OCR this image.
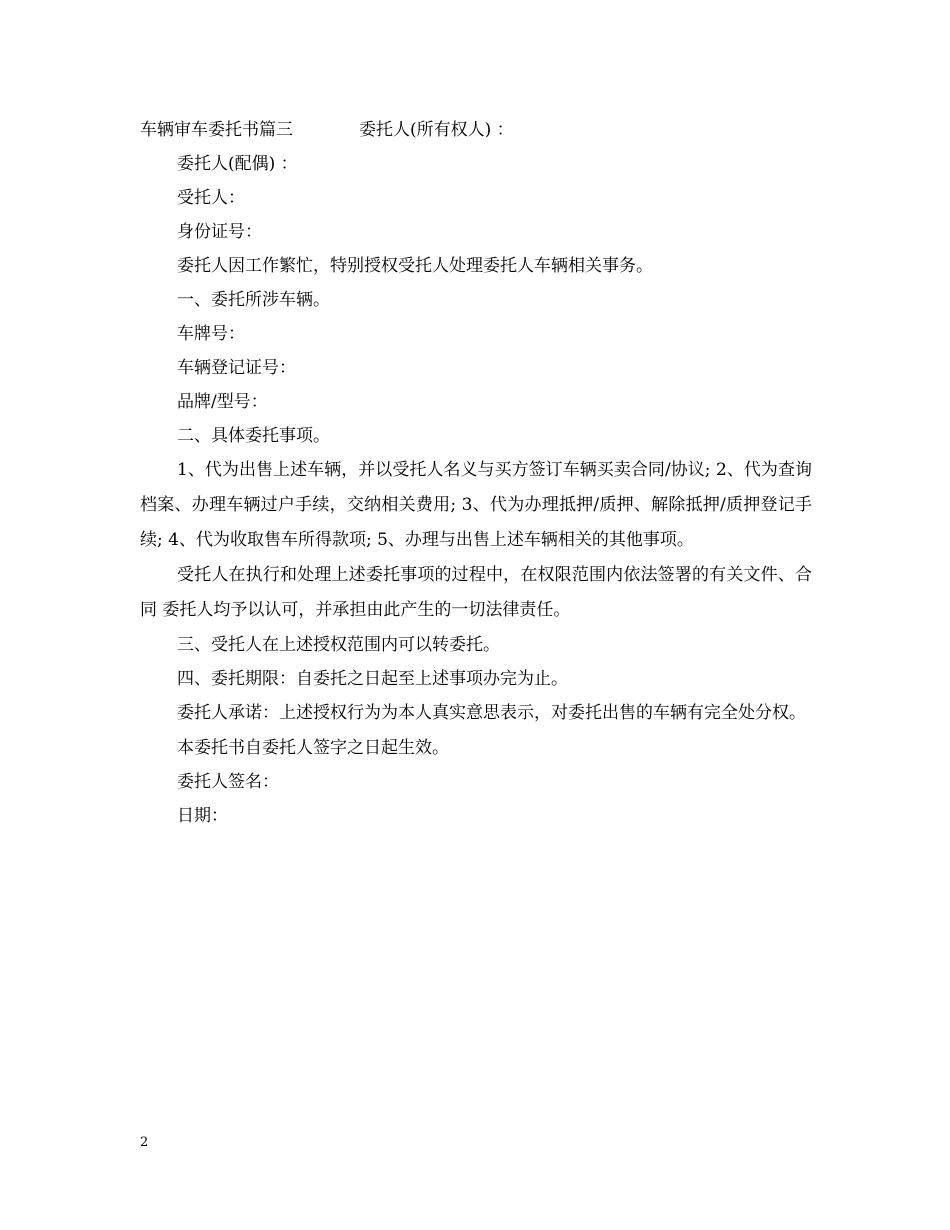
车辆审车委托书篇三	委托人(所有权人) ：

委托人(配偶) ：

受托人：

身份证号：

委托人因工作繁忙，特别授权受托人处理委托人车辆相关事务。

一、委托所涉车辆。

车牌号：

车辆登记证号：

品牌/型号：

二、具体委托事项。

1、代为出售上述车辆，并以受托人名义与买方签订车辆买卖合同/协议; 2、代为查询档案、办理车辆过户手续，交纳相关费用; 3、代为办理抵押/质押、解除抵押/质押登记手续; 4、代为收取售车所得款项; 5、办理与出售上述车辆相关的其他事项。

受托人在执行和处理上述委托事项的过程中，在权限范围内依法签署的有关文件、合同 委托人均予以认可，并承担由此产生的一切法律责任。

三、受托人在上述授权范围内可以转委托。

四、委托期限：自委托之日起至上述事项办完为止。

委托人承诺：上述授权行为为本人真实意思表示，对委托出售的车辆有完全处分权。

本委托书自委托人签字之日起生效。

委托人签名：

日期：

2
